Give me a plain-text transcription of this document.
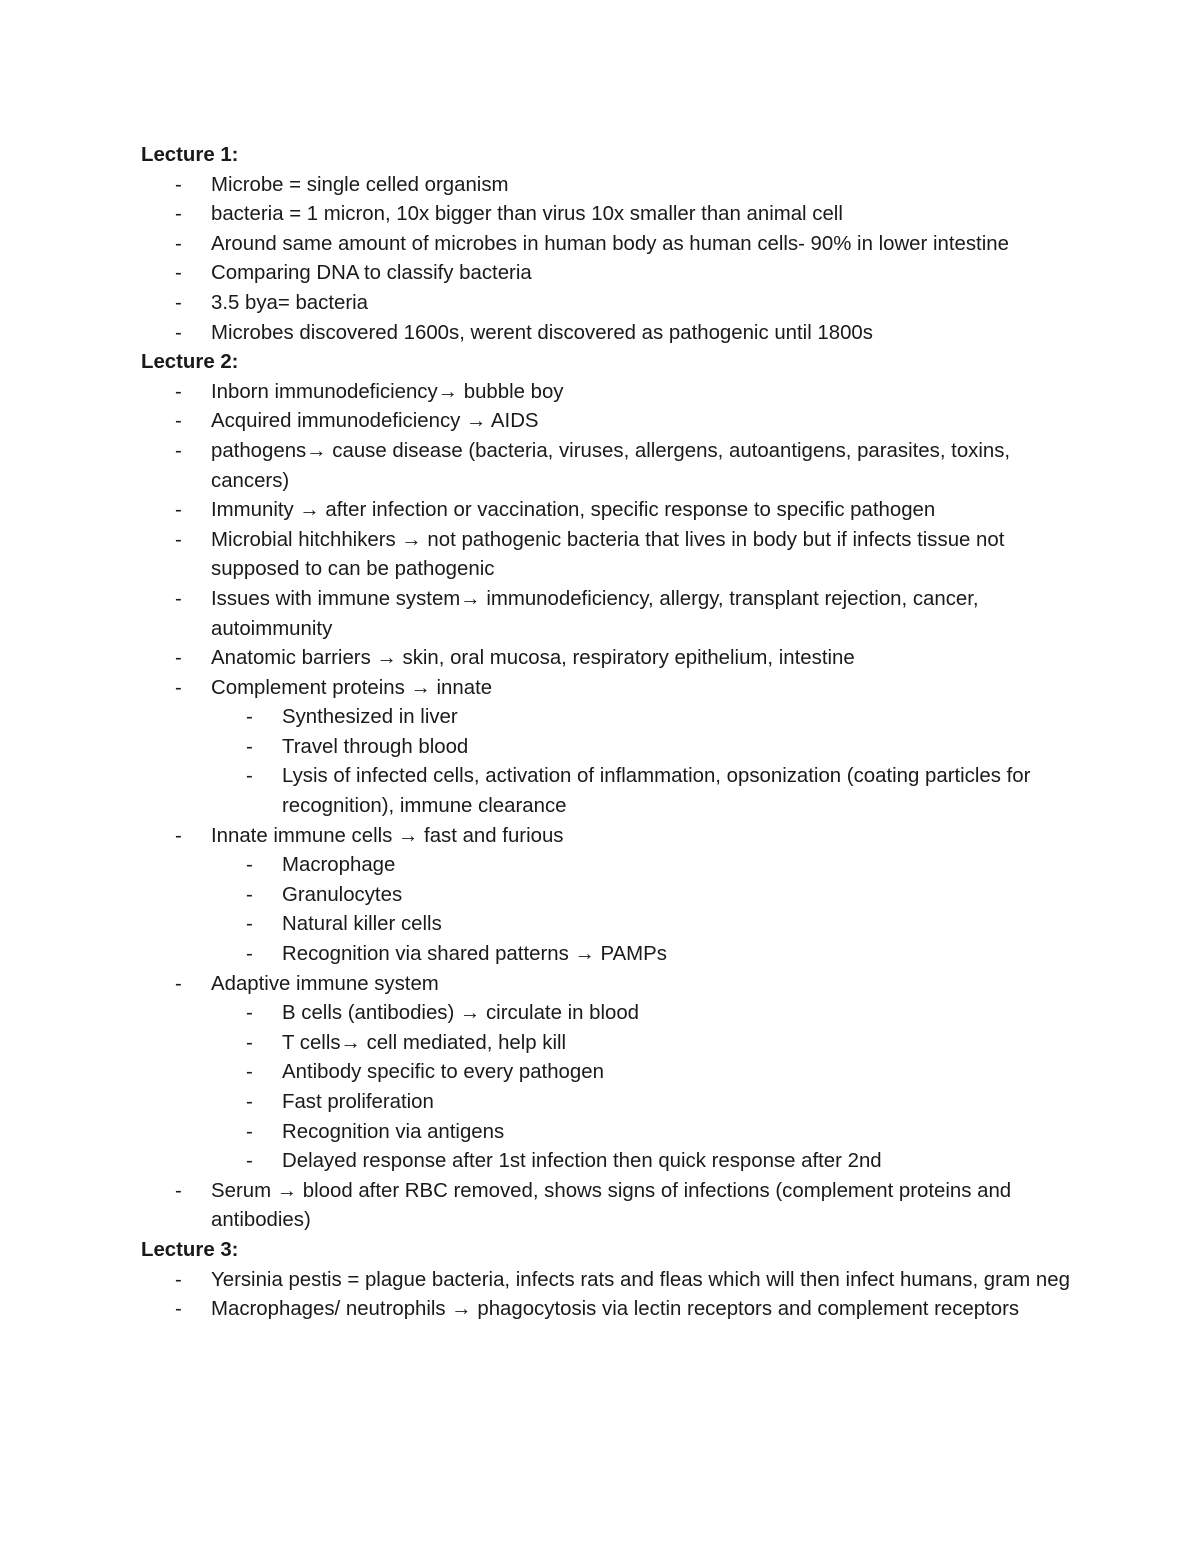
Lecture 1:
- Microbe = single celled organism
- bacteria = 1 micron, 10x bigger than virus 10x smaller than animal cell
- Around same amount of microbes in human body as human cells- 90% in lower intestine
- Comparing DNA to classify bacteria
- 3.5 bya= bacteria
- Microbes discovered 1600s, werent discovered as pathogenic until 1800s
Lecture 2:
- Inborn immunodeficiency→ bubble boy
- Acquired immunodeficiency → AIDS
- pathogens→ cause disease (bacteria, viruses, allergens, autoantigens, parasites, toxins, cancers)
- Immunity → after infection or vaccination, specific response to specific pathogen
- Microbial hitchhikers → not pathogenic bacteria that lives in body but if infects tissue not supposed to can be pathogenic
- Issues with immune system→ immunodeficiency, allergy, transplant rejection, cancer, autoimmunity
- Anatomic barriers → skin, oral mucosa, respiratory epithelium, intestine
- Complement proteins → innate
- Synthesized in liver
- Travel through blood
- Lysis of infected cells, activation of inflammation, opsonization (coating particles for recognition), immune clearance
- Innate immune cells → fast and furious
- Macrophage
- Granulocytes
- Natural killer cells
- Recognition via shared patterns → PAMPs
- Adaptive immune system
- B cells (antibodies) → circulate in blood
- T cells→ cell mediated, help kill
- Antibody specific to every pathogen
- Fast proliferation
- Recognition via antigens
- Delayed response after 1st infection then quick response after 2nd
- Serum → blood after RBC removed, shows signs of infections (complement proteins and antibodies)
Lecture 3:
- Yersinia pestis = plague bacteria, infects rats and fleas which will then infect humans, gram neg
- Macrophages/ neutrophils → phagocytosis via lectin receptors and complement receptors
